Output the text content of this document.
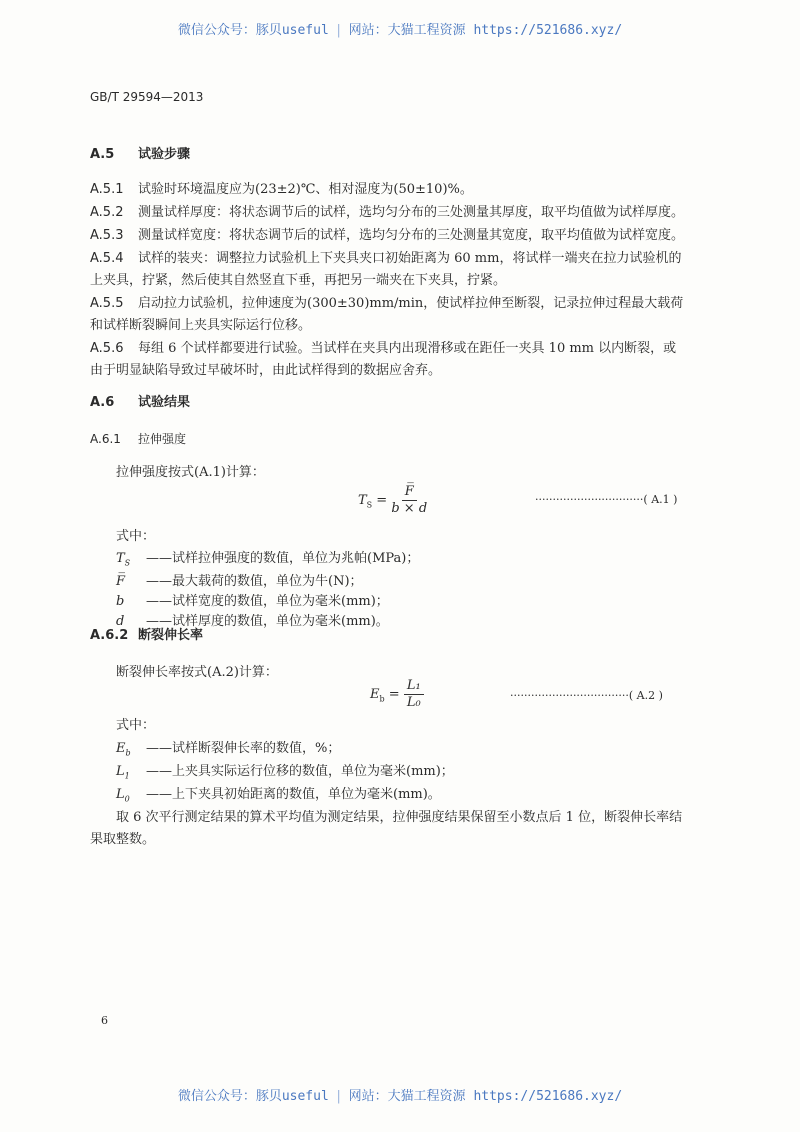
微信公众号：豚贝useful | 网站：大猫工程资源 https://521686.xyz/
GB/T 29594—2013
A.5 试验步骤
A.5.1 试验时环境温度应为(23±2)℃、相对湿度为(50±10)%。
A.5.2 测量试样厚度：将状态调节后的试样，选均匀分布的三处测量其厚度，取平均值做为试样厚度。
A.5.3 测量试样宽度：将状态调节后的试样，选均匀分布的三处测量其宽度，取平均值做为试样宽度。
A.5.4 试样的装夹：调整拉力试验机上下夹具夹口初始距离为 60 mm，将试样一端夹在拉力试验机的
上夹具，拧紧，然后使其自然竖直下垂，再把另一端夹在下夹具，拧紧。
A.5.5 启动拉力试验机，拉伸速度为(300±30)mm/min，使试样拉伸至断裂，记录拉伸过程最大载荷
和试样断裂瞬间上夹具实际运行位移。
A.5.6 每组 6 个试样都要进行试验。当试样在夹具内出现滑移或在距任一夹具 10 mm 以内断裂，或
由于明显缺陷导致过早破坏时，由此试样得到的数据应舍弃。
A.6 试验结果
A.6.1 拉伸强度
拉伸强度按式(A.1)计算：
$T_S = \frac{F̅}{b \times d}$	·······························( A.1 )
式中：
$T_S$ ——试样拉伸强度的数值，单位为兆帕(MPa)；
F̅ ——最大载荷的数值，单位为牛(N)；
b ——试样宽度的数值，单位为毫米(mm)；
d ——试样厚度的数值，单位为毫米(mm)。
A.6.2 断裂伸长率
断裂伸长率按式(A.2)计算：
$E_b = \frac{\text{L₁}}{\text{L₀}}$	··································( A.2 )
式中：
$E_b$ ——试样断裂伸长率的数值，%；
$L_1$ ——上夹具实际运行位移的数值，单位为毫米(mm)；
$L_0$ ——上下夹具初始距离的数值，单位为毫米(mm)。
取 6 次平行测定结果的算术平均值为测定结果，拉伸强度结果保留至小数点后 1 位，断裂伸长率结
果取整数。
6
微信公众号：豚贝useful | 网站：大猫工程资源 https://521686.xyz/
